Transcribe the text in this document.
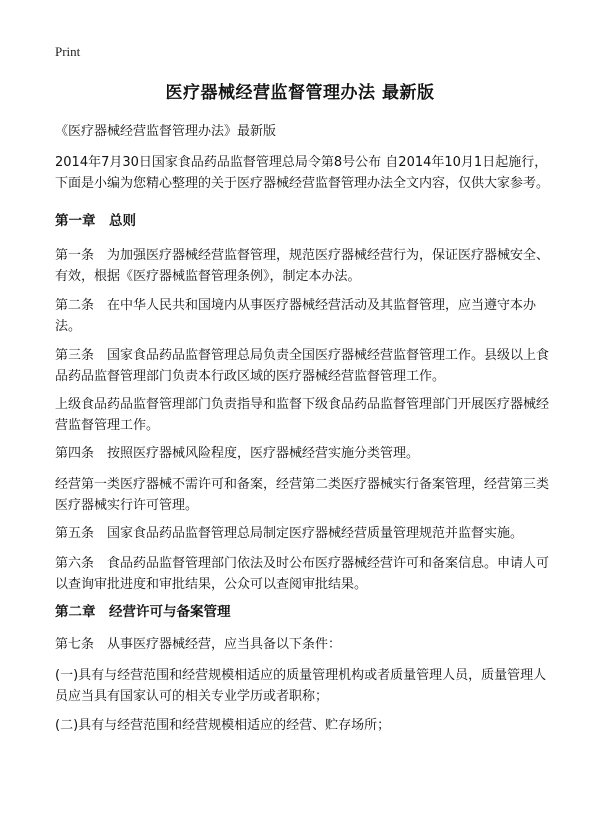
Print
医疗器械经营监督管理办法 最新版

《医疗器械经营监督管理办法》最新版

2014年7月30日国家食品药品监督管理总局令第8号公布 自2014年10月1日起施行，下面是小编为您精心整理的关于医疗器械经营监督管理办法全文内容，仅供大家参考。

第一章　总则

第一条　为加强医疗器械经营监督管理，规范医疗器械经营行为，保证医疗器械安全、有效，根据《医疗器械监督管理条例》，制定本办法。

第二条　在中华人民共和国境内从事医疗器械经营活动及其监督管理，应当遵守本办法。

第三条　国家食品药品监督管理总局负责全国医疗器械经营监督管理工作。县级以上食品药品监督管理部门负责本行政区域的医疗器械经营监督管理工作。

上级食品药品监督管理部门负责指导和监督下级食品药品监督管理部门开展医疗器械经营监督管理工作。

第四条　按照医疗器械风险程度，医疗器械经营实施分类管理。

经营第一类医疗器械不需许可和备案，经营第二类医疗器械实行备案管理，经营第三类医疗器械实行许可管理。

第五条　国家食品药品监督管理总局制定医疗器械经营质量管理规范并监督实施。

第六条　食品药品监督管理部门依法及时公布医疗器械经营许可和备案信息。申请人可以查询审批进度和审批结果，公众可以查阅审批结果。

第二章　经营许可与备案管理

第七条　从事医疗器械经营，应当具备以下条件：

(一)具有与经营范围和经营规模相适应的质量管理机构或者质量管理人员，质量管理人员应当具有国家认可的相关专业学历或者职称；

(二)具有与经营范围和经营规模相适应的经营、贮存场所；
